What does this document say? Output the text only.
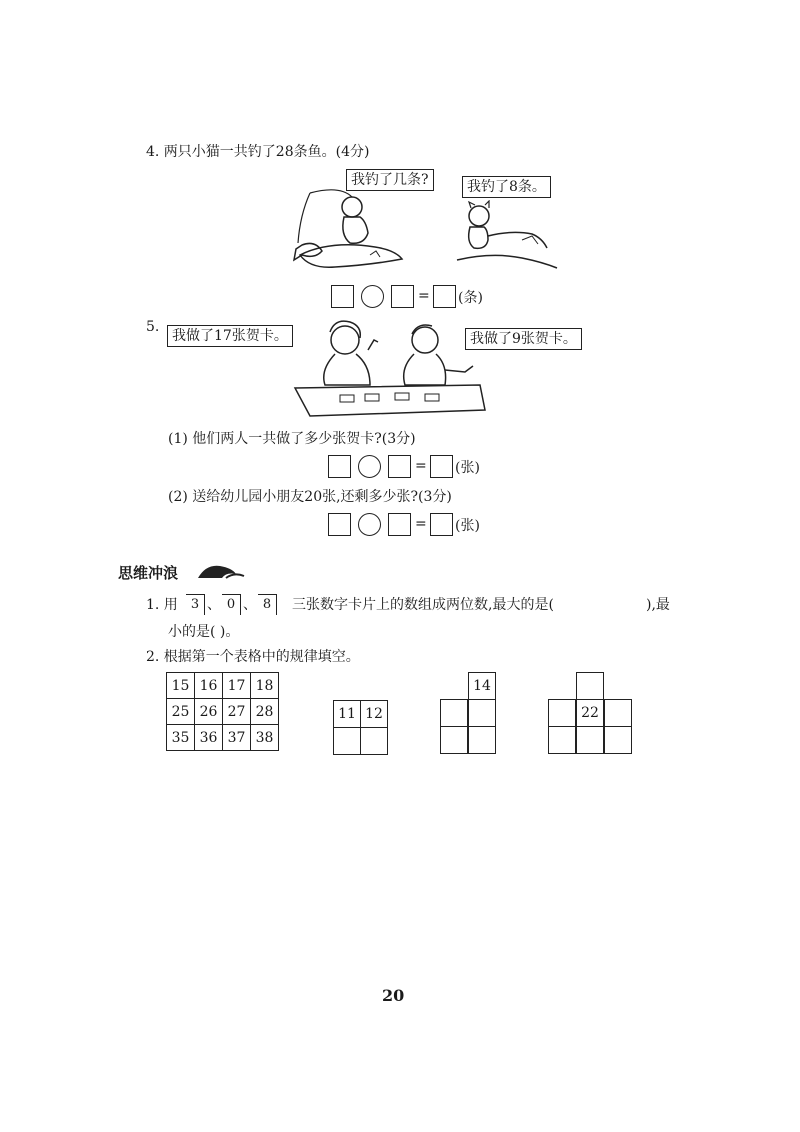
4. 两只小猫一共钓了28条鱼。(4分)
我钓了几条?	我钓了8条。
= (条)
5.
我做了17张贺卡。	我做了9张贺卡。
(1) 他们两人一共做了多少张贺卡?(3分)
= (张)
(2) 送给幼儿园小朋友20张,还剩多少张?(3分)
= (张)
思维冲浪
1. 用	3 、 0 、 8	三张数字卡片上的数组成两位数,最大的是(	),最
小的是( )。
2. 根据第一个表格中的规律填空。
15	16	17	18
25	26	27	28
35	36	37	38
11 12
14
22
20
